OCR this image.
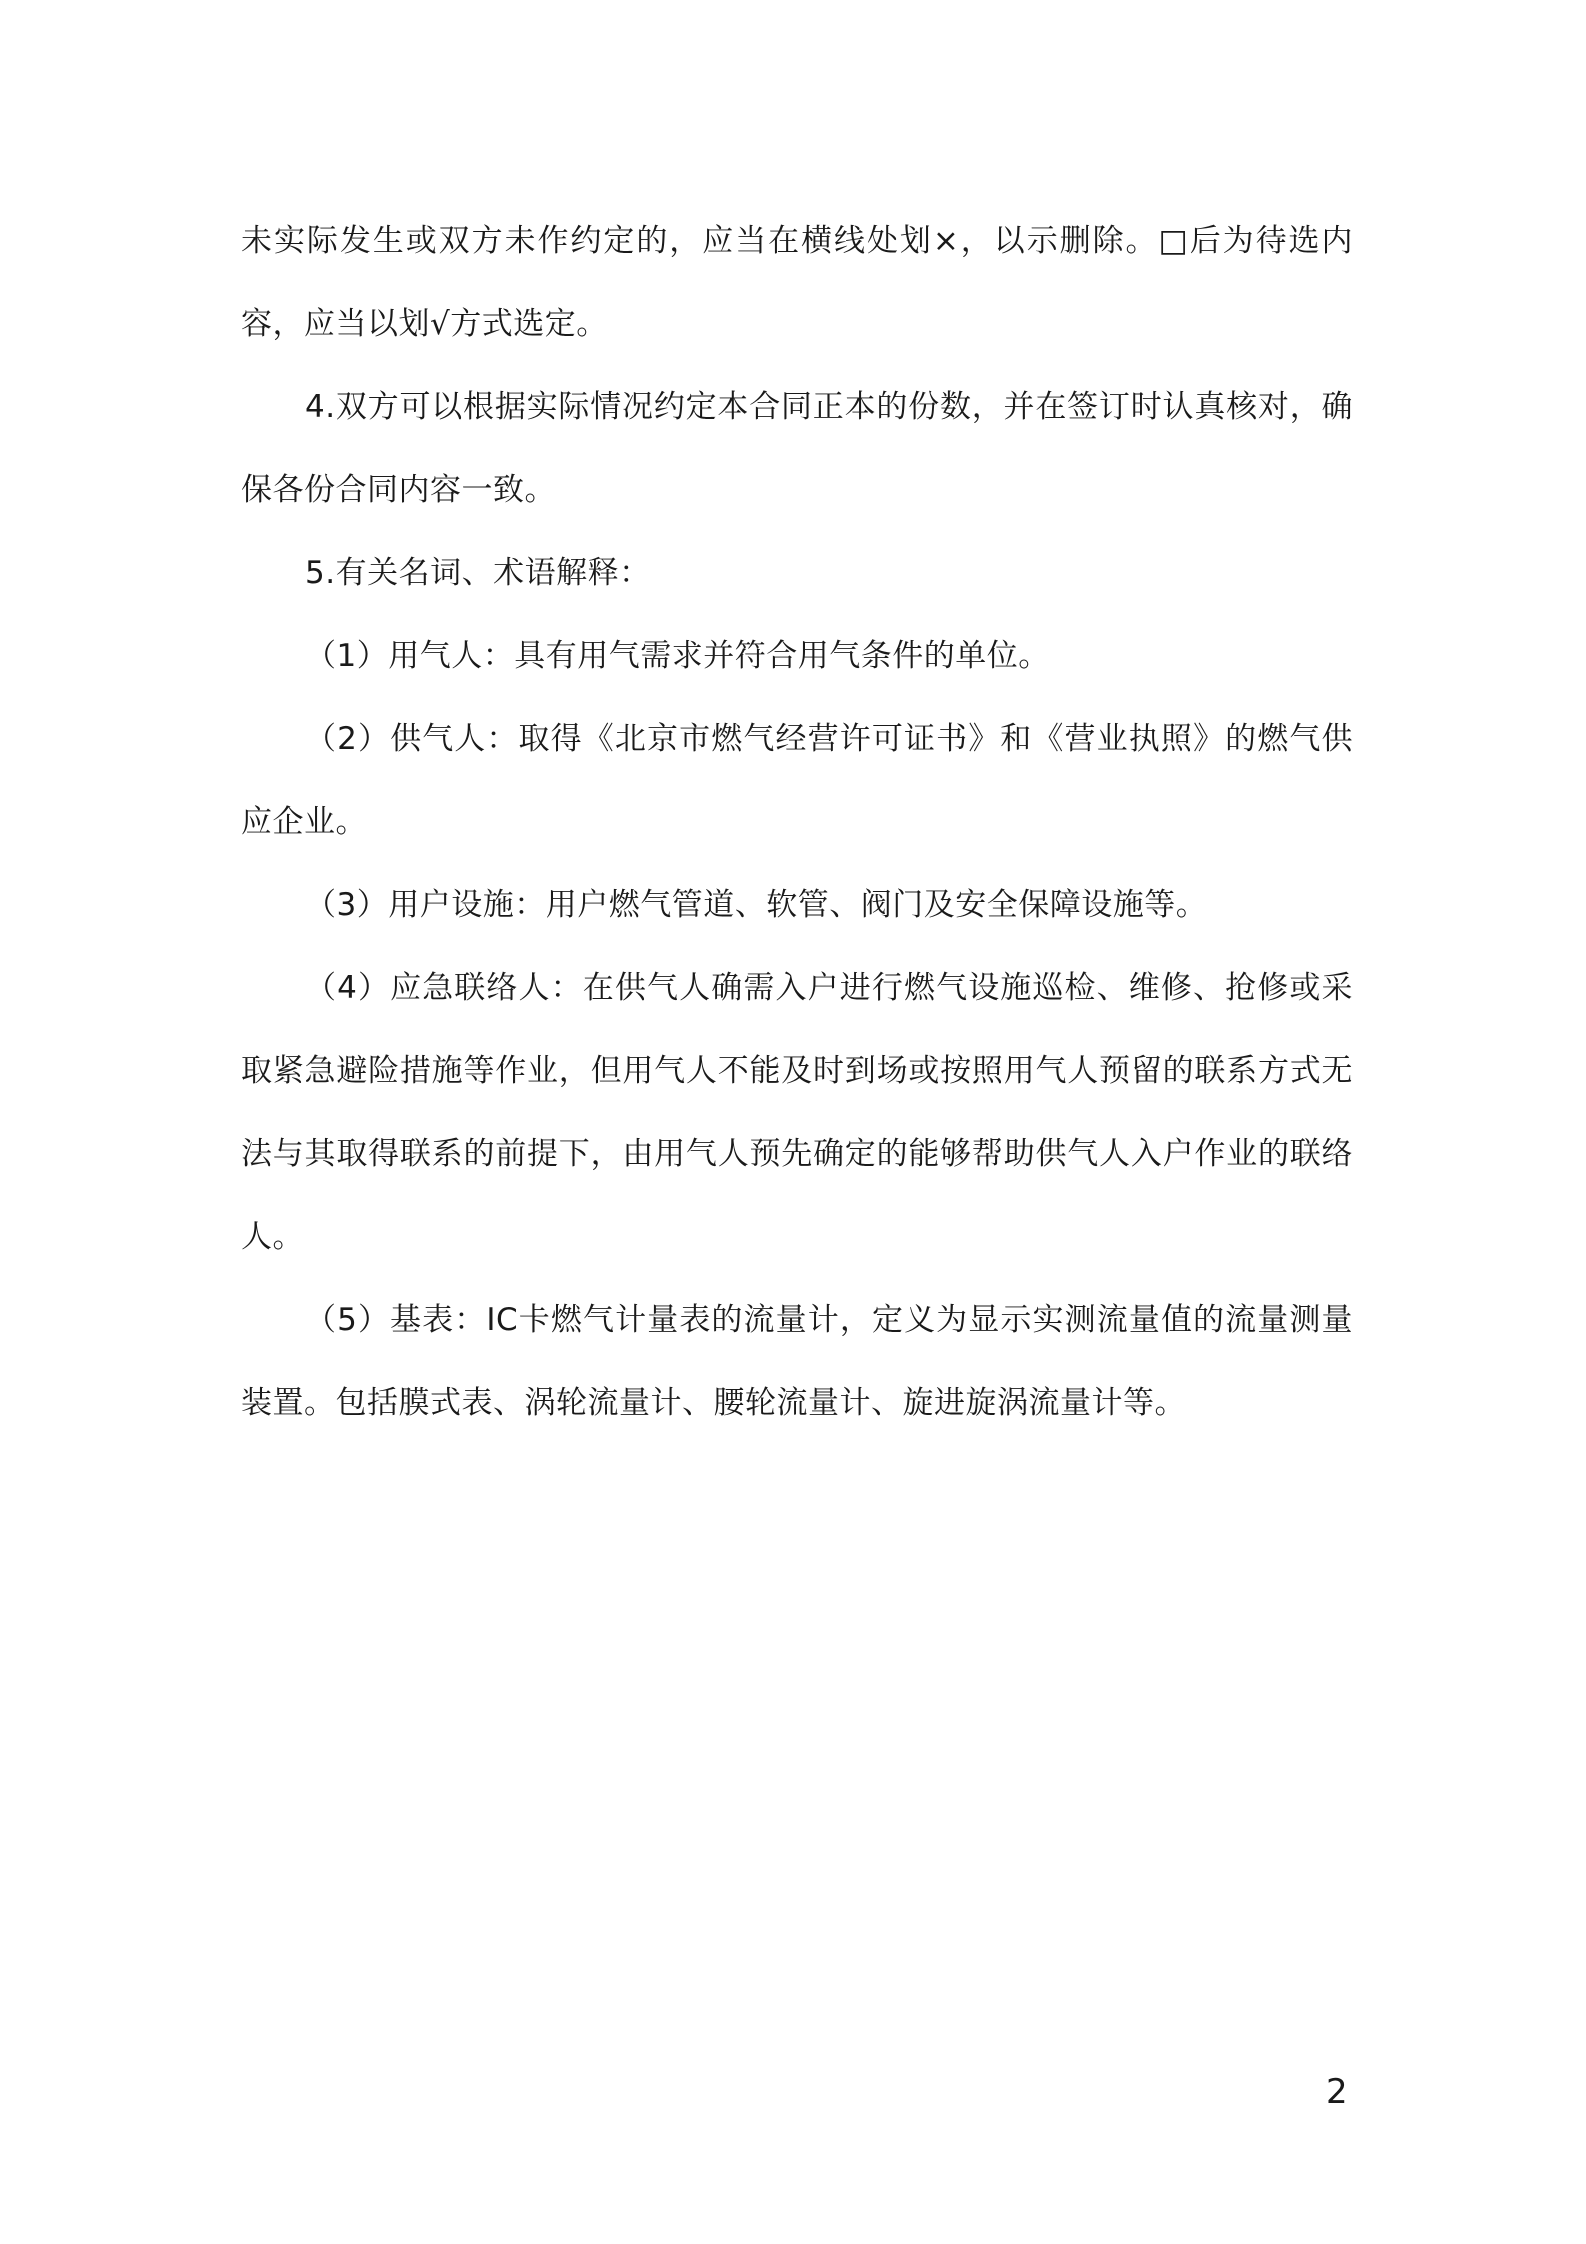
未实际发生或双方未作约定的，应当在横线处划×，以示删除。□后为待选内容，应当以划√方式选定。

4.双方可以根据实际情况约定本合同正本的份数，并在签订时认真核对，确保各份合同内容一致。

5.有关名词、术语解释：

（1）用气人：具有用气需求并符合用气条件的单位。

（2）供气人：取得《北京市燃气经营许可证书》和《营业执照》的燃气供应企业。

（3）用户设施：用户燃气管道、软管、阀门及安全保障设施等。

（4）应急联络人：在供气人确需入户进行燃气设施巡检、维修、抢修或采取紧急避险措施等作业，但用气人不能及时到场或按照用气人预留的联系方式无法与其取得联系的前提下，由用气人预先确定的能够帮助供气人入户作业的联络人。

（5）基表：IC卡燃气计量表的流量计，定义为显示实测流量值的流量测量装置。包括膜式表、涡轮流量计、腰轮流量计、旋进旋涡流量计等。

2
